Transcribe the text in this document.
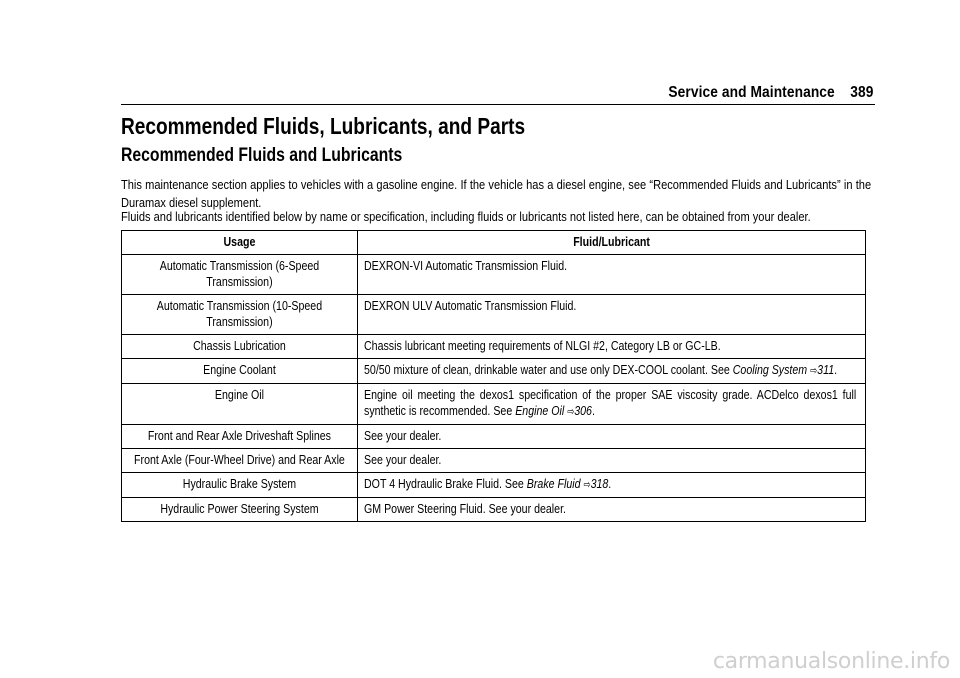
Service and Maintenance 389
Recommended Fluids, Lubricants, and Parts
Recommended Fluids and Lubricants
This maintenance section applies to vehicles with a gasoline engine. If the vehicle has a diesel engine, see “Recommended Fluids and Lubricants” in the Duramax diesel supplement.
Fluids and lubricants identified below by name or specification, including fluids or lubricants not listed here, can be obtained from your dealer.
Usage	Fluid/Lubricant
Automatic Transmission (6-Speed Transmission)	DEXRON-VI Automatic Transmission Fluid.
Automatic Transmission (10-Speed Transmission)	DEXRON ULV Automatic Transmission Fluid.
Chassis Lubrication	Chassis lubricant meeting requirements of NLGI #2, Category LB or GC-LB.
Engine Coolant	50/50 mixture of clean, drinkable water and use only DEX-COOL coolant. See Cooling System ⇨311.
Engine Oil	Engine oil meeting the dexos1 specification of the proper SAE viscosity grade. ACDelco dexos1 full synthetic is recommended. See Engine Oil ⇨306.
Front and Rear Axle Driveshaft Splines	See your dealer.
Front Axle (Four-Wheel Drive) and Rear Axle	See your dealer.
Hydraulic Brake System	DOT 4 Hydraulic Brake Fluid. See Brake Fluid ⇨318.
Hydraulic Power Steering System	GM Power Steering Fluid. See your dealer.
carmanualsonline.info
